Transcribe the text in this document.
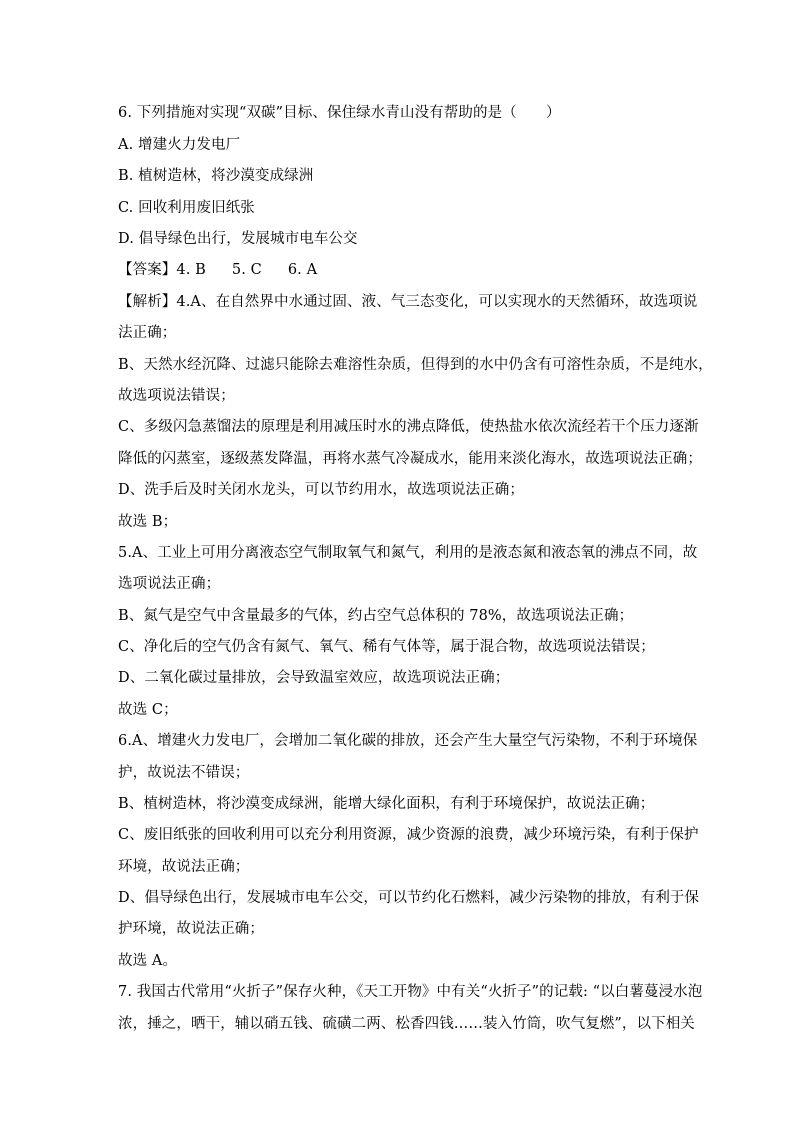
6. 下列措施对实现“双碳”目标、保住绿水青山没有帮助的是（　　）
A. 增建火力发电厂
B. 植树造林，将沙漠变成绿洲
C. 回收利用废旧纸张
D. 倡导绿色出行，发展城市电车公交
【答案】4. B 5. C 6. A
【解析】4.A、在自然界中水通过固、液、气三态变化，可以实现水的天然循环，故选项说
法正确；
B、天然水经沉降、过滤只能除去难溶性杂质，但得到的水中仍含有可溶性杂质，不是纯水，
故选项说法错误；
C、多级闪急蒸馏法的原理是利用减压时水的沸点降低，使热盐水依次流经若干个压力逐渐
降低的闪蒸室，逐级蒸发降温，再将水蒸气冷凝成水，能用来淡化海水，故选项说法正确；
D、洗手后及时关闭水龙头，可以节约用水，故选项说法正确；
故选 B；
5.A、工业上可用分离液态空气制取氧气和氮气，利用的是液态氮和液态氧的沸点不同，故
选项说法正确；
B、氮气是空气中含量最多的气体，约占空气总体积的 78%，故选项说法正确；
C、净化后的空气仍含有氮气、氧气、稀有气体等，属于混合物，故选项说法错误；
D、二氧化碳过量排放，会导致温室效应，故选项说法正确；
故选 C；
6.A、增建火力发电厂，会增加二氧化碳的排放，还会产生大量空气污染物，不利于环境保
护，故说法不错误；
B、植树造林，将沙漠变成绿洲，能增大绿化面积，有利于环境保护，故说法正确；
C、废旧纸张的回收利用可以充分利用资源，减少资源的浪费，减少环境污染，有利于保护
环境，故说法正确；
D、倡导绿色出行，发展城市电车公交，可以节约化石燃料，减少污染物的排放，有利于保
护环境，故说法正确；
故选 A。
7. 我国古代常用“火折子”保存火种，《天工开物》中有关“火折子”的记载: “以白薯蔓浸水泡
浓，捶之，晒干，辅以硝五钱、硫磺二两、松香四钱……装入竹筒，吹气复燃”，以下相关
